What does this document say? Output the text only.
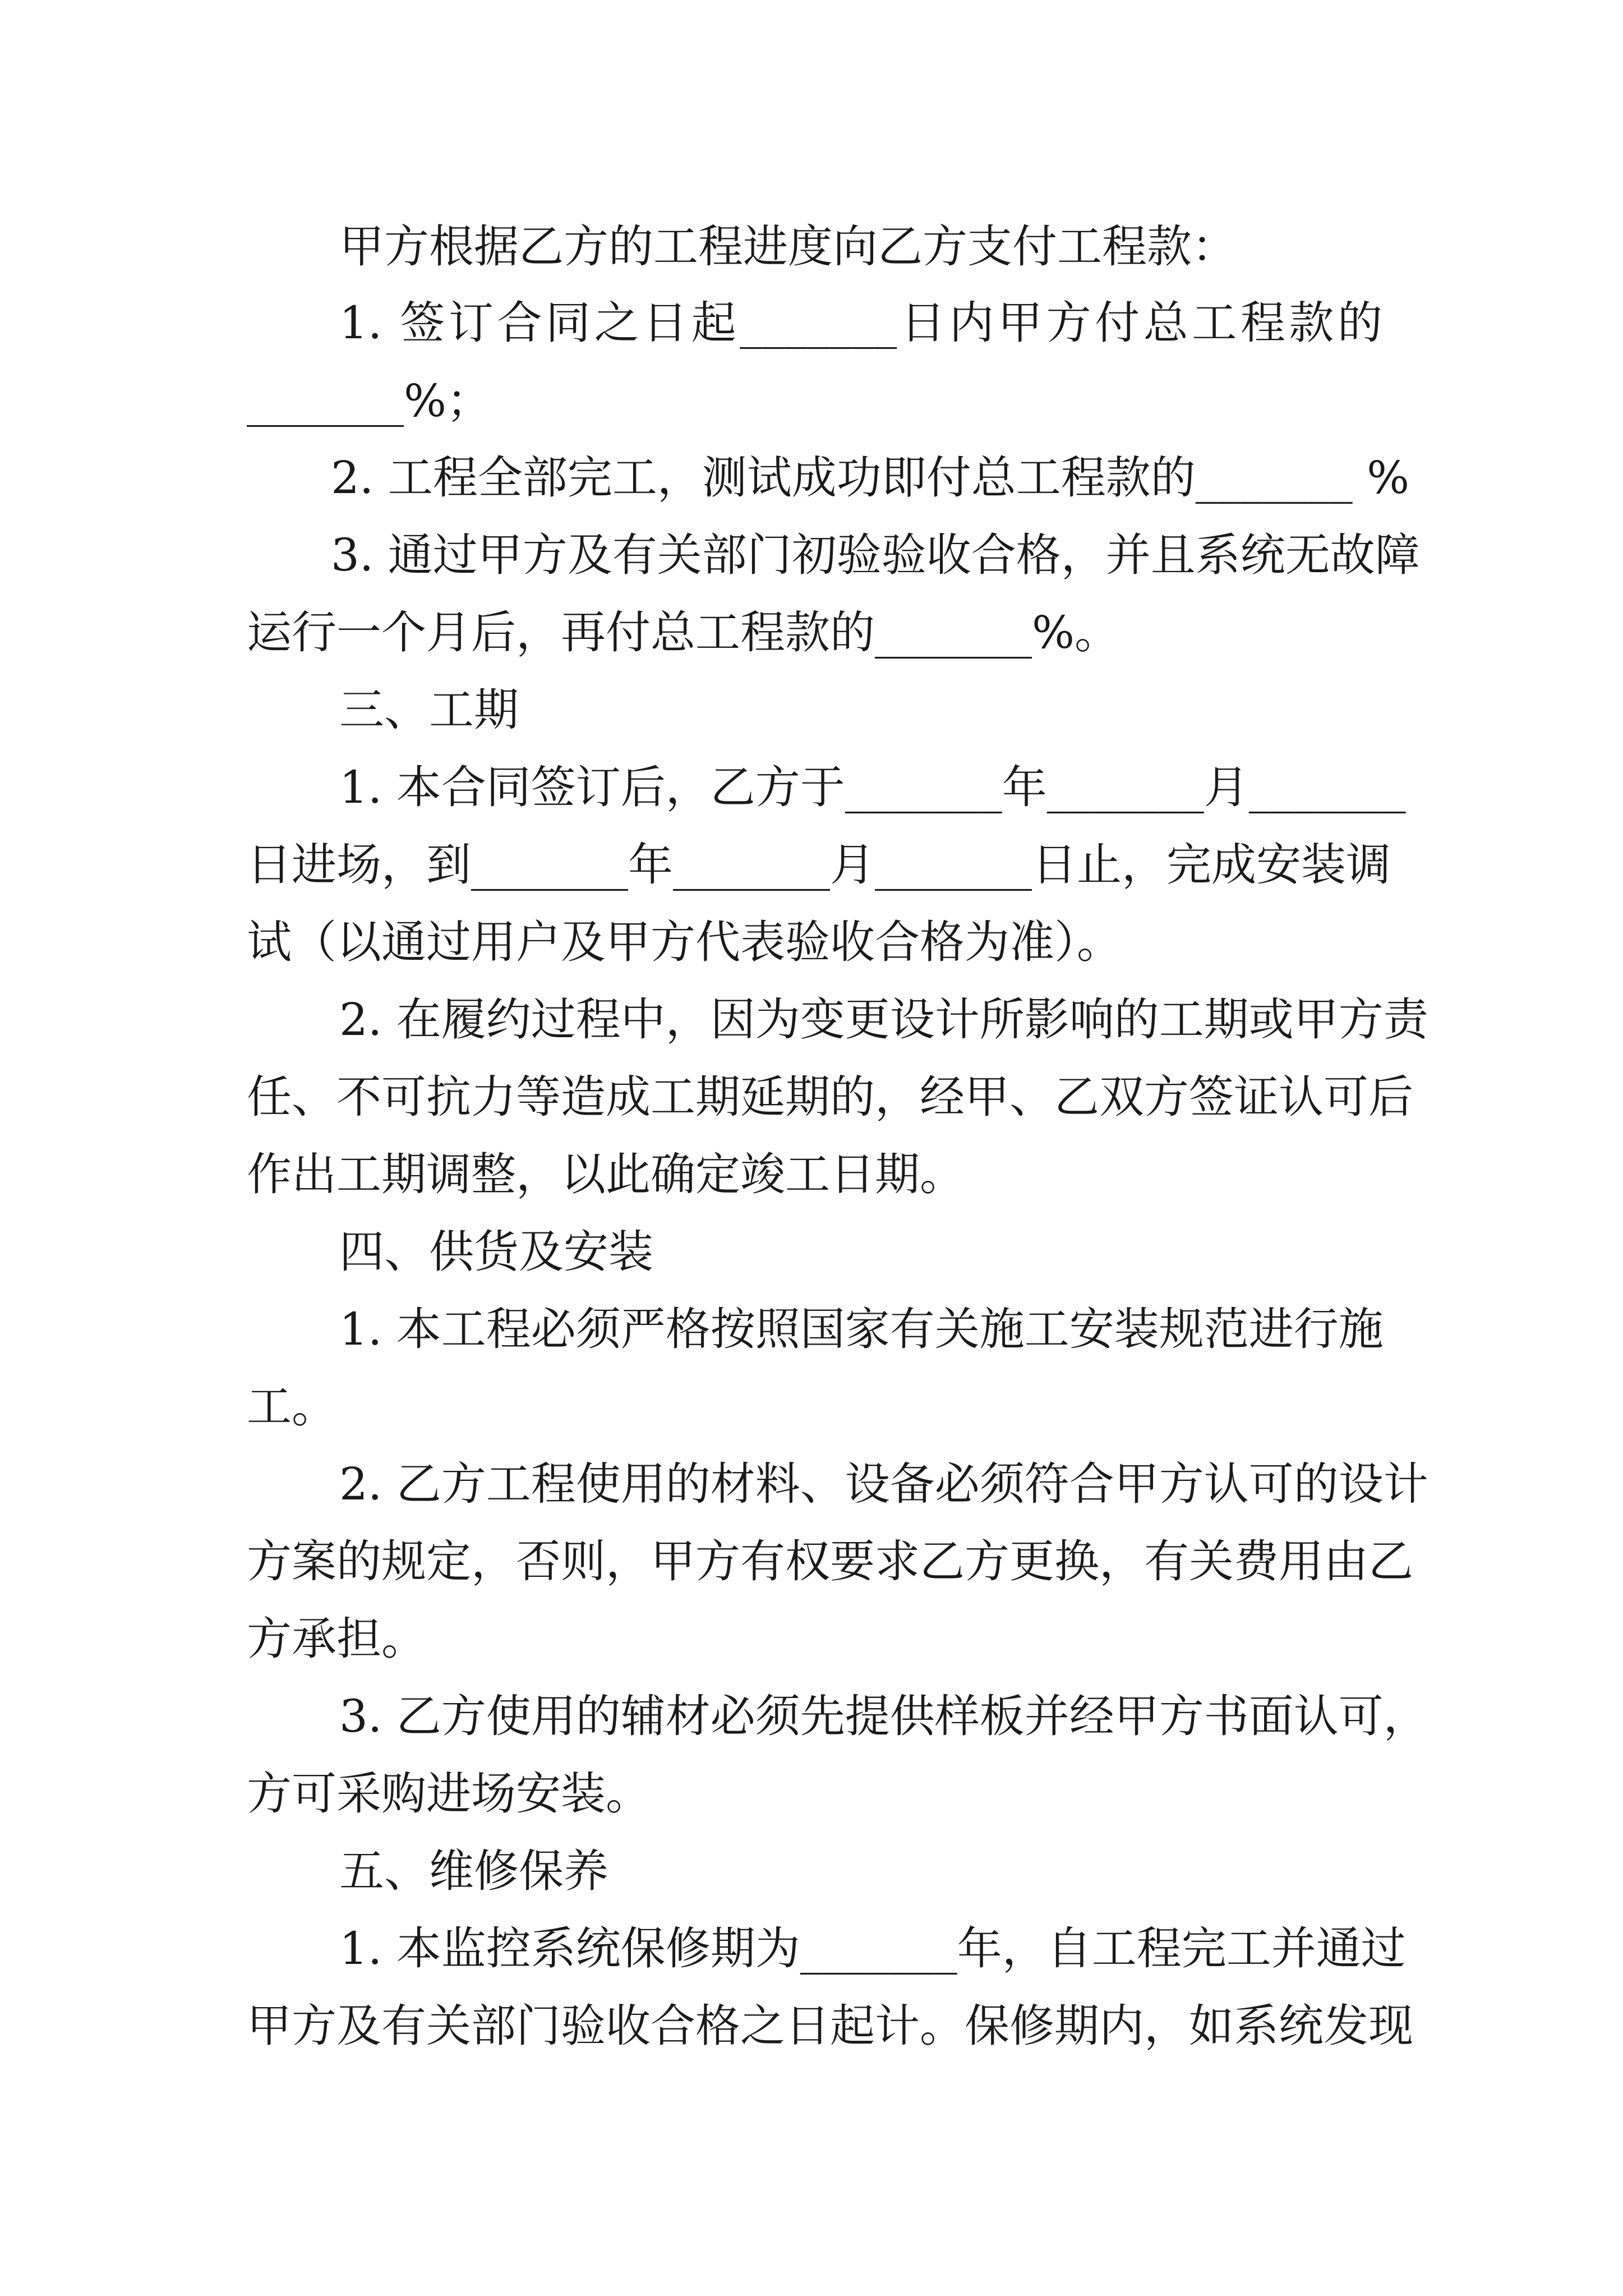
甲方根据乙方的工程进度向乙方支付工程款：
1. 签订合同之日起_______日内甲方付总工程款的
_______%；
2. 工程全部完工，测试成功即付总工程款的_______ %
3. 通过甲方及有关部门初验验收合格，并且系统无故障
运行一个月后，再付总工程款的_______%。
三、工期
1. 本合同签订后，乙方于_______年_______月_______
日进场，到_______年_______月_______日止，完成安装调
试（以通过用户及甲方代表验收合格为准）。
2. 在履约过程中，因为变更设计所影响的工期或甲方责
任、不可抗力等造成工期延期的，经甲、乙双方签证认可后
作出工期调整，以此确定竣工日期。
四、供货及安装
1. 本工程必须严格按照国家有关施工安装规范进行施
工。
2. 乙方工程使用的材料、设备必须符合甲方认可的设计
方案的规定，否则，甲方有权要求乙方更换，有关费用由乙
方承担。
3. 乙方使用的辅材必须先提供样板并经甲方书面认可，
方可采购进场安装。
五、维修保养
1. 本监控系统保修期为_______年，自工程完工并通过
甲方及有关部门验收合格之日起计。保修期内，如系统发现
